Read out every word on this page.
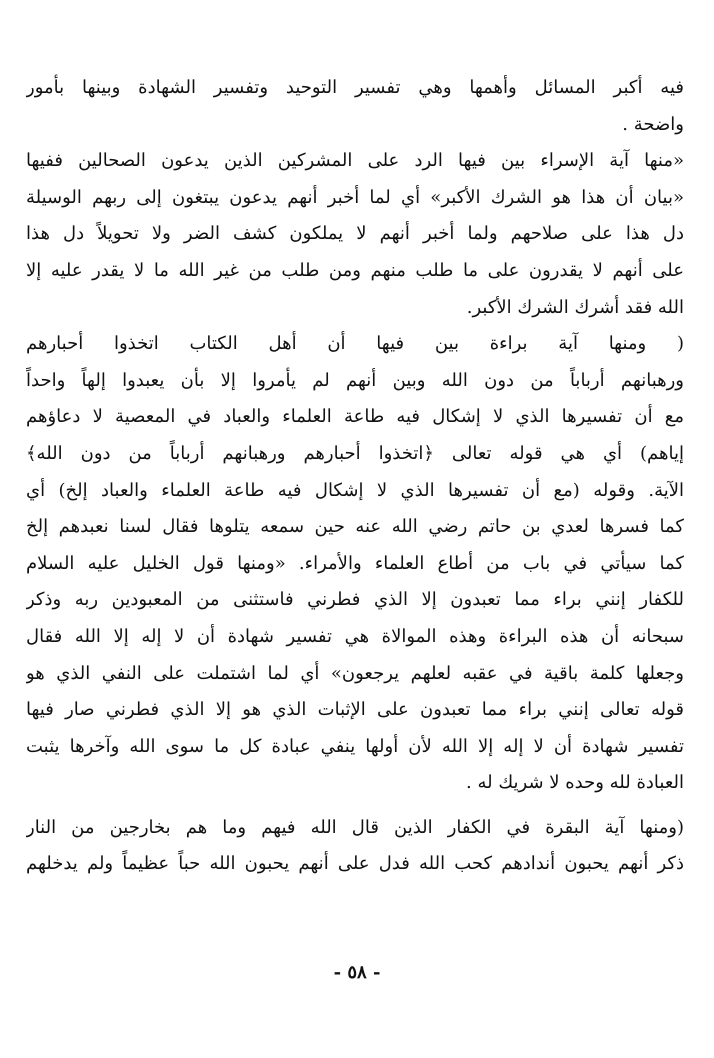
فيه أكبر المسائل وأهمها وهي تفسير التوحيد وتفسير الشهادة وبينها بأمور
واضحة .
«منها آية الإسراء بين فيها الرد على المشركين الذين يدعون الصحالين ففيها
«بيان أن هذا هو الشرك الأكبر» أي لما أخبر أنهم يدعون يبتغون إلى ربهم الوسيلة
دل هذا على صلاحهم ولما أخبر أنهم لا يملكون كشف الضر ولا تحويلاً دل هذا
على أنهم لا يقدرون على ما طلب منهم ومن طلب من غير الله ما لا يقدر عليه إلا
الله فقد أشرك الشرك الأكبر.
( ومنها آية براءة بين فيها أن أهل الكتاب اتخذوا أحبارهم
ورهبانهم أرباباً من دون الله وبين أنهم لم يأمروا إلا بأن يعبدوا إلهاً واحداً
مع أن تفسيرها الذي لا إشكال فيه طاعة العلماء والعباد في المعصية لا دعاؤهم
إياهم) أي هي قوله تعالى ﴿اتخذوا أحبارهم ورهبانهم أرباباً من دون الله﴾
الآية. وقوله (مع أن تفسيرها الذي لا إشكال فيه طاعة العلماء والعباد إلخ) أي
كما فسرها لعدي بن حاتم رضي الله عنه حين سمعه يتلوها فقال لسنا نعبدهم إلخ
كما سيأتي في باب من أطاع العلماء والأمراء. «ومنها قول الخليل عليه السلام
للكفار إنني براء مما تعبدون إلا الذي فطرني فاستثنى من المعبودين ربه وذكر
سبحانه أن هذه البراءة وهذه الموالاة هي تفسير شهادة أن لا إله إلا الله فقال
وجعلها كلمة باقية في عقبه لعلهم يرجعون» أي لما اشتملت على النفي الذي هو
قوله تعالى إنني براء مما تعبدون على الإثبات الذي هو إلا الذي فطرني صار فيها
تفسير شهادة أن لا إله إلا الله لأن أولها ينفي عبادة كل ما سوى الله وآخرها يثبت
العبادة لله وحده لا شريك له .
(ومنها آية البقرة في الكفار الذين قال الله فيهم وما هم بخارجين من النار
ذكر أنهم يحبون أندادهم كحب الله فدل على أنهم يحبون الله حباً عظيماً ولم يدخلهم
- ٥٨ -
